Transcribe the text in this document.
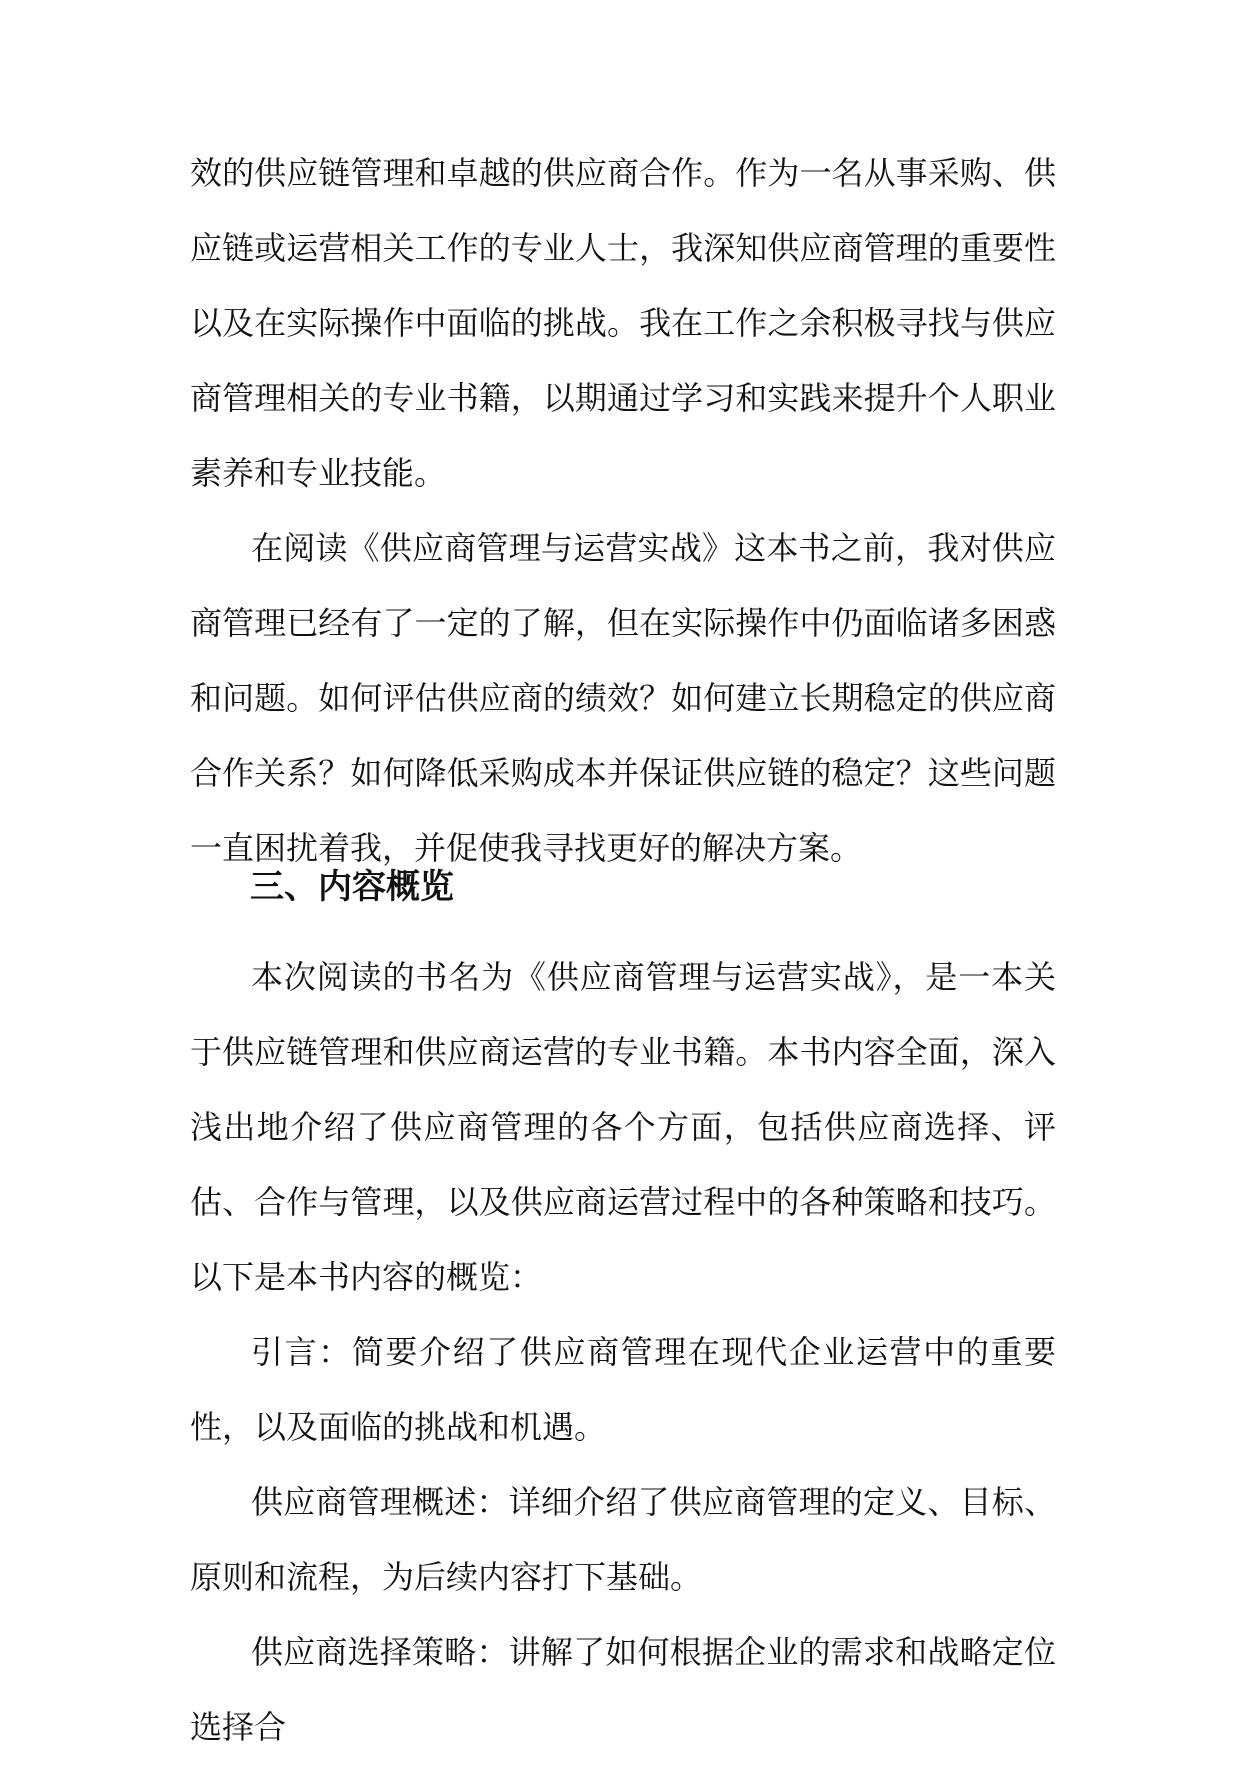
效的供应链管理和卓越的供应商合作。作为一名从事采购、供应链或运营相关工作的专业人士，我深知供应商管理的重要性以及在实际操作中面临的挑战。我在工作之余积极寻找与供应商管理相关的专业书籍，以期通过学习和实践来提升个人职业素养和专业技能。

在阅读《供应商管理与运营实战》这本书之前，我对供应商管理已经有了一定的了解，但在实际操作中仍面临诸多困惑和问题。如何评估供应商的绩效？如何建立长期稳定的供应商合作关系？如何降低采购成本并保证供应链的稳定？这些问题一直困扰着我，并促使我寻找更好的解决方案。

三、内容概览

本次阅读的书名为《供应商管理与运营实战》，是一本关于供应链管理和供应商运营的专业书籍。本书内容全面，深入浅出地介绍了供应商管理的各个方面，包括供应商选择、评估、合作与管理，以及供应商运营过程中的各种策略和技巧。以下是本书内容的概览：

引言：简要介绍了供应商管理在现代企业运营中的重要性，以及面临的挑战和机遇。

供应商管理概述：详细介绍了供应商管理的定义、目标、原则和流程，为后续内容打下基础。

供应商选择策略：讲解了如何根据企业的需求和战略定位选择合
